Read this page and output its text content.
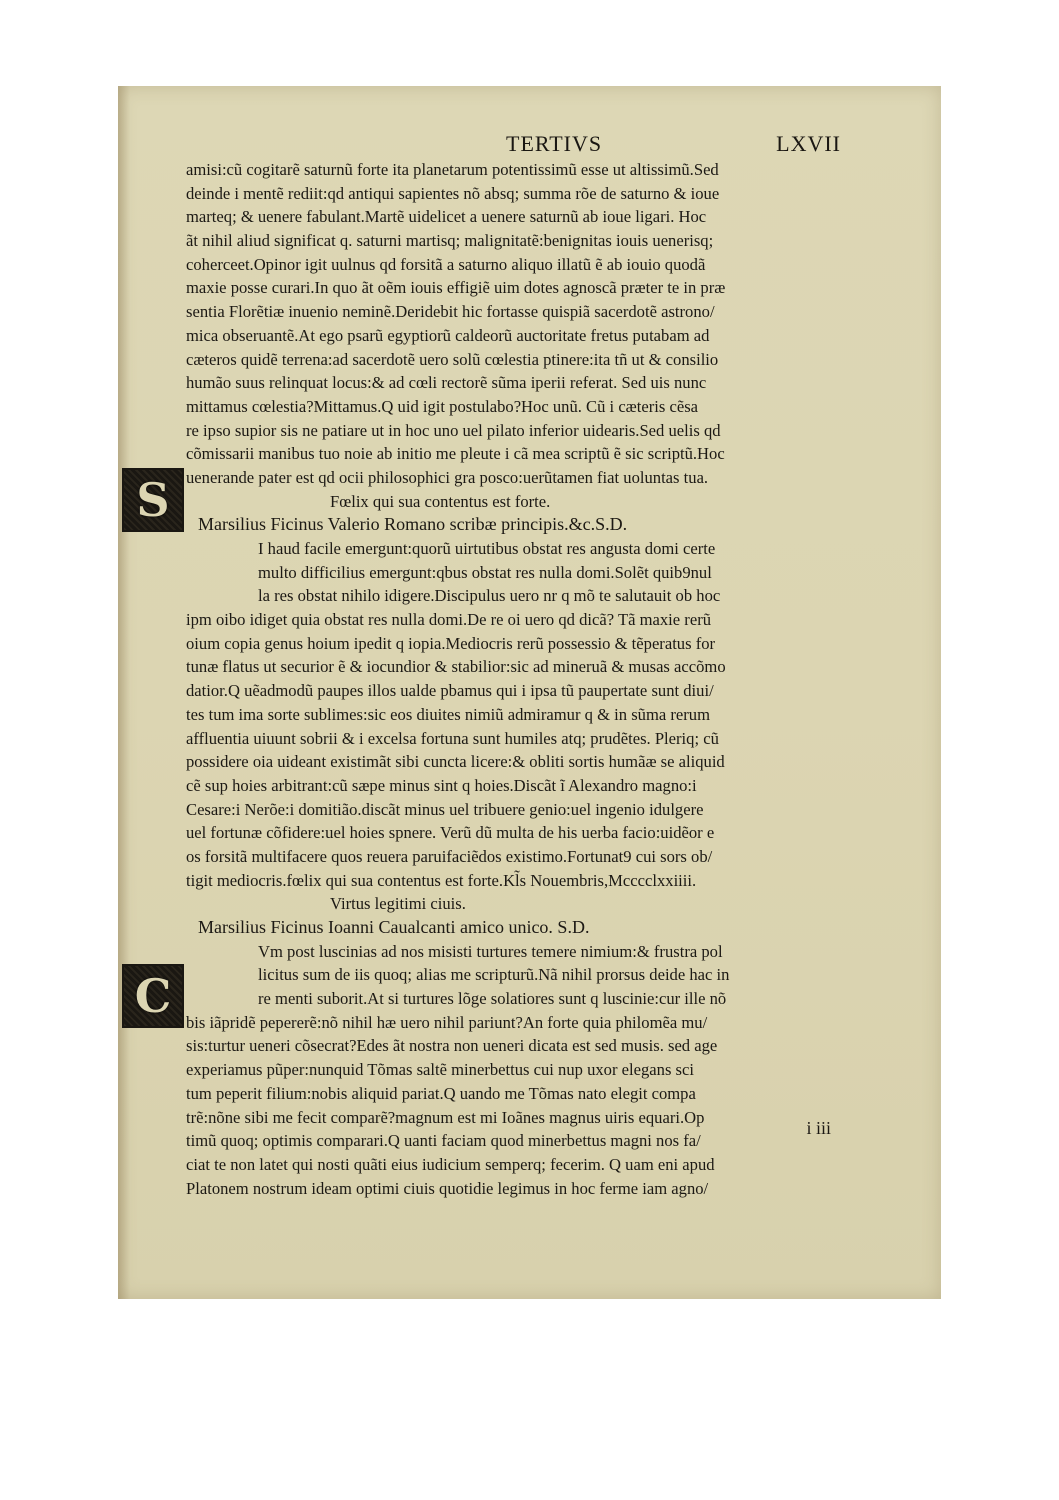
TERTIVS	LXVII
S
C
amisi:cũ cogitarẽ saturnũ forte ita planetarum potentissimũ esse ut altissimũ.Sed
deinde i mentẽ rediit:qd antiqui sapientes nõ absq; summa rõe de saturno & ioue
marteq; & uenere fabulant.Martẽ uidelicet a uenere saturnũ ab ioue ligari. Hoc
ãt nihil aliud significat q. saturni martisq; malignitatẽ:benignitas iouis uenerisq;
coherceet.Opinor igit uulnus qd forsitã a saturno aliquo illatũ ẽ ab iouio quodã
maxie posse curari.In quo ãt oẽm iouis effigiẽ uim dotes agnoscã præter te in præ
sentia Florẽtiæ inuenio neminẽ.Deridebit hic fortasse quispiã sacerdotẽ astrono/
mica obseruantẽ.At ego psarũ egyptiorũ caldeorũ auctoritate fretus putabam ad
cæteros quidẽ terrena:ad sacerdotẽ uero solũ cœlestia ptinere:ita tñ ut & consilio
humão suus relinquat locus:& ad cœli rectorẽ sũma iperii referat. Sed uis nunc
mittamus cœlestia?Mittamus.Q uid igit postulabo?Hoc unũ. Cũ i cæteris cẽsa
re ipso supior sis ne patiare ut in hoc uno uel pilato inferior uidearis.Sed uelis qd
cõmissarii manibus tuo noie ab initio me pleute i cã mea scriptũ ẽ sic scriptũ.Hoc
uenerande pater est qd ocii philosophici gra posco:uerũtamen fiat uoluntas tua.
Fœlix qui sua contentus est forte.
Marsilius Ficinus Valerio Romano scribæ principis.&c.S.D.
I haud facile emergunt:quorũ uirtutibus obstat res angusta domi certe
multo difficilius emergunt:qbus obstat res nulla domi.Solẽt quib9nul
la res obstat nihilo idigere.Discipulus uero nr q mõ te salutauit ob hoc
ipm oibo idiget quia obstat res nulla domi.De re oi uero qd dicã? Tã maxie rerũ
oium copia genus hoium ipedit q iopia.Mediocris rerũ possessio & tẽperatus for
tunæ flatus ut securior ẽ & iocundior & stabilior:sic ad mineruã & musas accõmo
datior.Q uẽadmodũ paupes illos ualde pbamus qui i ipsa tũ paupertate sunt diui/
tes tum ima sorte sublimes:sic eos diuites nimiũ admiramur q & in sũma rerum
affluentia uiuunt sobrii & i excelsa fortuna sunt humiles atq; prudẽtes. Pleriq; cũ
possidere oia uideant existimãt sibi cuncta licere:& obliti sortis humãæ se aliquid
cẽ sup hoies arbitrant:cũ sæpe minus sint q hoies.Discãt ĩ Alexandro magno:i
Cesare:i Nerõe:i domitião.discãt minus uel tribuere genio:uel ingenio idulgere
uel fortunæ cõfidere:uel hoies spnere. Verũ dũ multa de his uerba facio:uidẽor e
os forsitã multifacere quos reuera paruifaciẽdos existimo.Fortunat9 cui sors ob/
tigit mediocris.fœlix qui sua contentus est forte.Kl̃s Nouembris,Mcccclxxiiii.
Virtus legitimi ciuis.
Marsilius Ficinus Ioanni Caualcanti amico unico. S.D.
Vm post luscinias ad nos misisti turtures temere nimium:& frustra pol
licitus sum de iis quoq; alias me scripturũ.Nã nihil prorsus deide hac in
re menti suborit.At si turtures lõge solatiores sunt q luscinie:cur ille nõ
bis iãpridẽ pepererẽ:nõ nihil hæ uero nihil pariunt?An forte quia philomẽa mu/
sis:turtur ueneri cõsecrat?Edes ãt nostra non ueneri dicata est sed musis. sed age
experiamus pũper:nunquid Tõmas saltẽ minerbettus cui nup uxor elegans sci
tum peperit filium:nobis aliquid pariat.Q uando me Tõmas nato elegit compa
trẽ:nõne sibi me fecit comparẽ?magnum est mi Ioãnes magnus uiris equari.Op
timũ quoq; optimis comparari.Q uanti faciam quod minerbettus magni nos fa/
ciat te non latet qui nosti quãti eius iudicium semperq; fecerim. Q uam eni apud
Platonem nostrum ideam optimi ciuis quotidie legimus in hoc ferme iam agno/
i iii
